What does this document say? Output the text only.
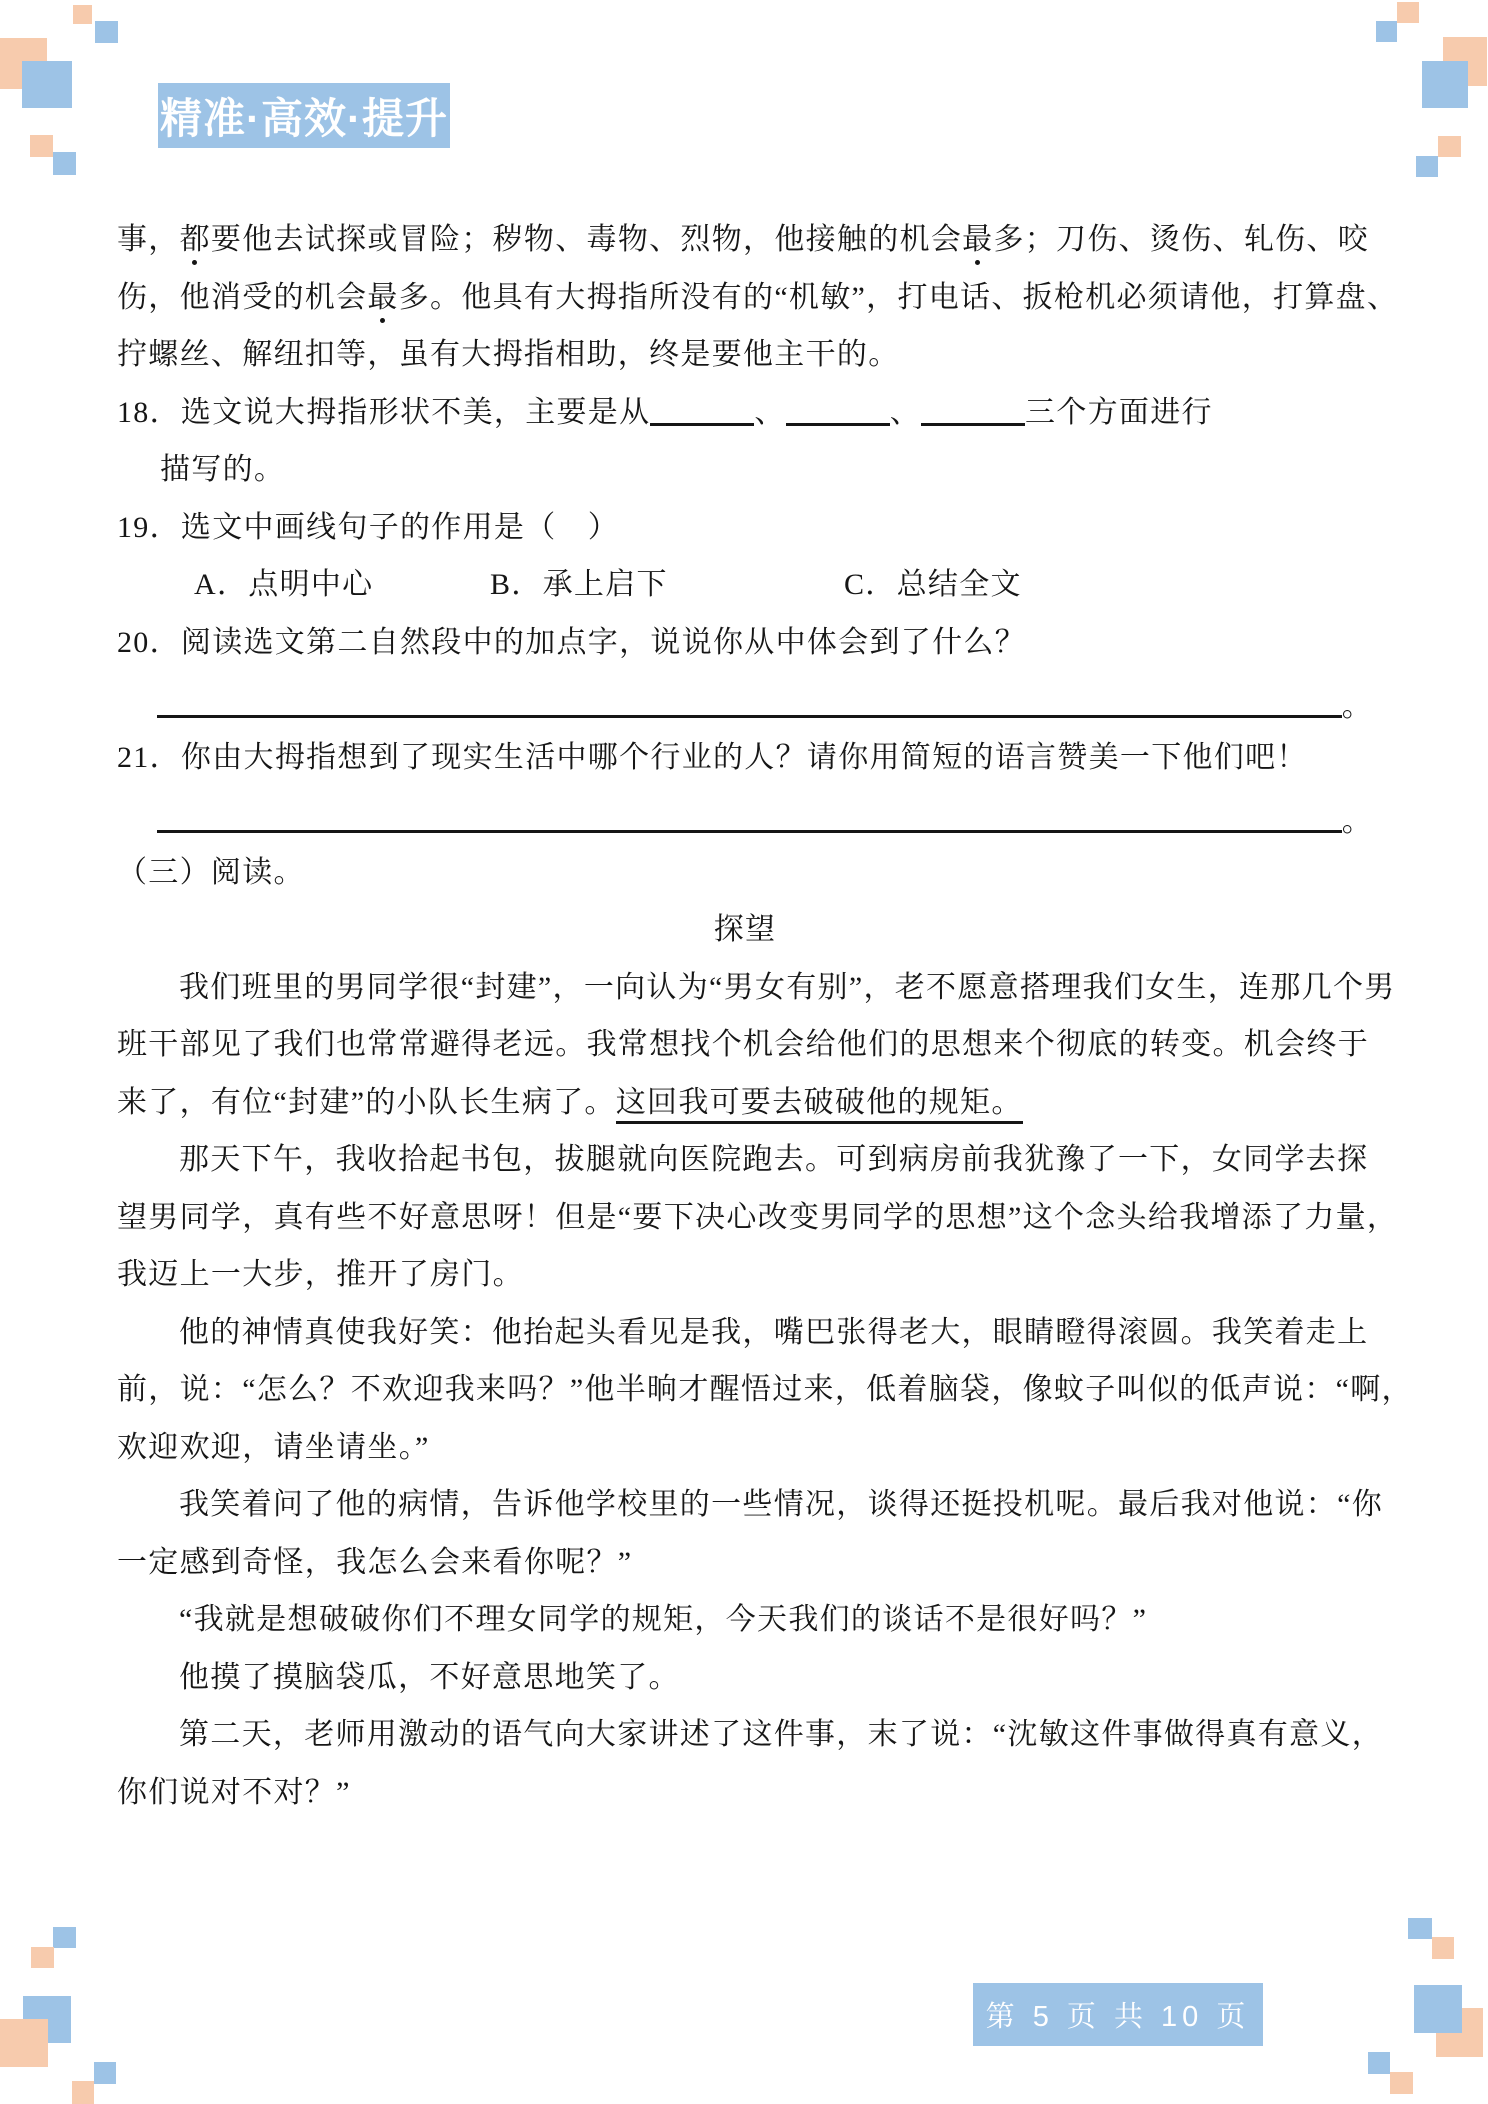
精准·高效·提升
事，都要他去试探或冒险；秽物、毒物、烈物，他接触的机会最多；刀伤、烫伤、轧伤、咬
伤，他消受的机会最多。他具有大拇指所没有的“机敏”，打电话、扳枪机必须请他，打算盘、
拧螺丝、解纽扣等，虽有大拇指相助，终是要他主干的。
18．选文说大拇指形状不美，主要是从	、	、	三个方面进行
描写的。
19．选文中画线句子的作用是（　）
A．点明中心	B．承上启下	C．总结全文
20．阅读选文第二自然段中的加点字，说说你从中体会到了什么？
。
21．你由大拇指想到了现实生活中哪个行业的人？请你用简短的语言赞美一下他们吧！
。
（三）阅读。
探望
我们班里的男同学很“封建”，一向认为“男女有别”，老不愿意搭理我们女生，连那几个男
班干部见了我们也常常避得老远。我常想找个机会给他们的思想来个彻底的转变。机会终于
来了，有位“封建”的小队长生病了。这回我可要去破破他的规矩。
那天下午，我收拾起书包，拔腿就向医院跑去。可到病房前我犹豫了一下，女同学去探
望男同学，真有些不好意思呀！但是“要下决心改变男同学的思想”这个念头给我增添了力量，
我迈上一大步，推开了房门。
他的神情真使我好笑：他抬起头看见是我，嘴巴张得老大，眼睛瞪得滚圆。我笑着走上
前，说：“怎么？不欢迎我来吗？”他半晌才醒悟过来，低着脑袋，像蚊子叫似的低声说：“啊，
欢迎欢迎，请坐请坐。”
我笑着问了他的病情，告诉他学校里的一些情况，谈得还挺投机呢。最后我对他说：“你
一定感到奇怪，我怎么会来看你呢？”
“我就是想破破你们不理女同学的规矩，今天我们的谈话不是很好吗？”
他摸了摸脑袋瓜，不好意思地笑了。
第二天，老师用激动的语气向大家讲述了这件事，末了说：“沈敏这件事做得真有意义，
你们说对不对？”
第 5 页 共 10 页
